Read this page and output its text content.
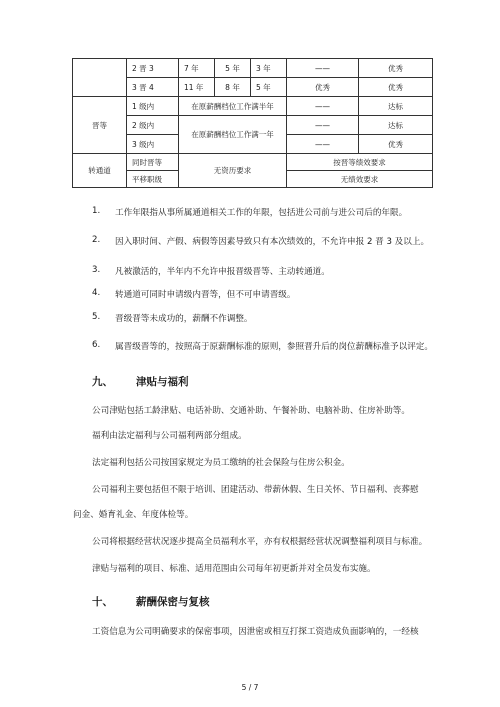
	2 晋 3	7 年	5 年	3 年	——	优秀
	3 晋 4	11 年	8 年	5 年	优秀	优秀
晋等	1 级内	在原薪酬档位工作满半年			——	达标
	2 级内	在原薪酬档位工作满一年			——	达标
	3 级内				——	优秀
转通道	同时晋等	无资历要求			按晋等绩效要求	
	平移职级				无绩效要求	
1.	工作年限指从事所属通道相关工作的年限，包括进公司前与进公司后的年限。
2.	因入职时间、产假、病假等因素导致只有本次绩效的，不允许申报 2 晋 3 及以上。
3.	凡被激活的，半年内不允许申报晋级晋等、主动转通道。
4.	转通道可同时申请级内晋等，但不可申请晋级。
5.	晋级晋等未成功的，薪酬不作调整。
6.	属晋级晋等的，按照高于原薪酬标准的原则，参照晋升后的岗位薪酬标准予以评定。
九、 津贴与福利
公司津贴包括工龄津贴、电话补助、交通补助、午餐补助、电脑补助、住房补助等。
福利由法定福利与公司福利两部分组成。
法定福利包括公司按国家规定为员工缴纳的社会保险与住房公积金。
公司福利主要包括但不限于培训、团建活动、带薪休假、生日关怀、节日福利、丧葬慰
问金、婚育礼金、年度体检等。
公司将根据经营状况逐步提高全员福利水平，亦有权根据经营状况调整福利项目与标准。
津贴与福利的项目、标准、适用范围由公司每年初更新并对全员发布实施。
十、 薪酬保密与复核
工资信息为公司明确要求的保密事项，因泄密或相互打探工资造成负面影响的，一经核
5 / 7
